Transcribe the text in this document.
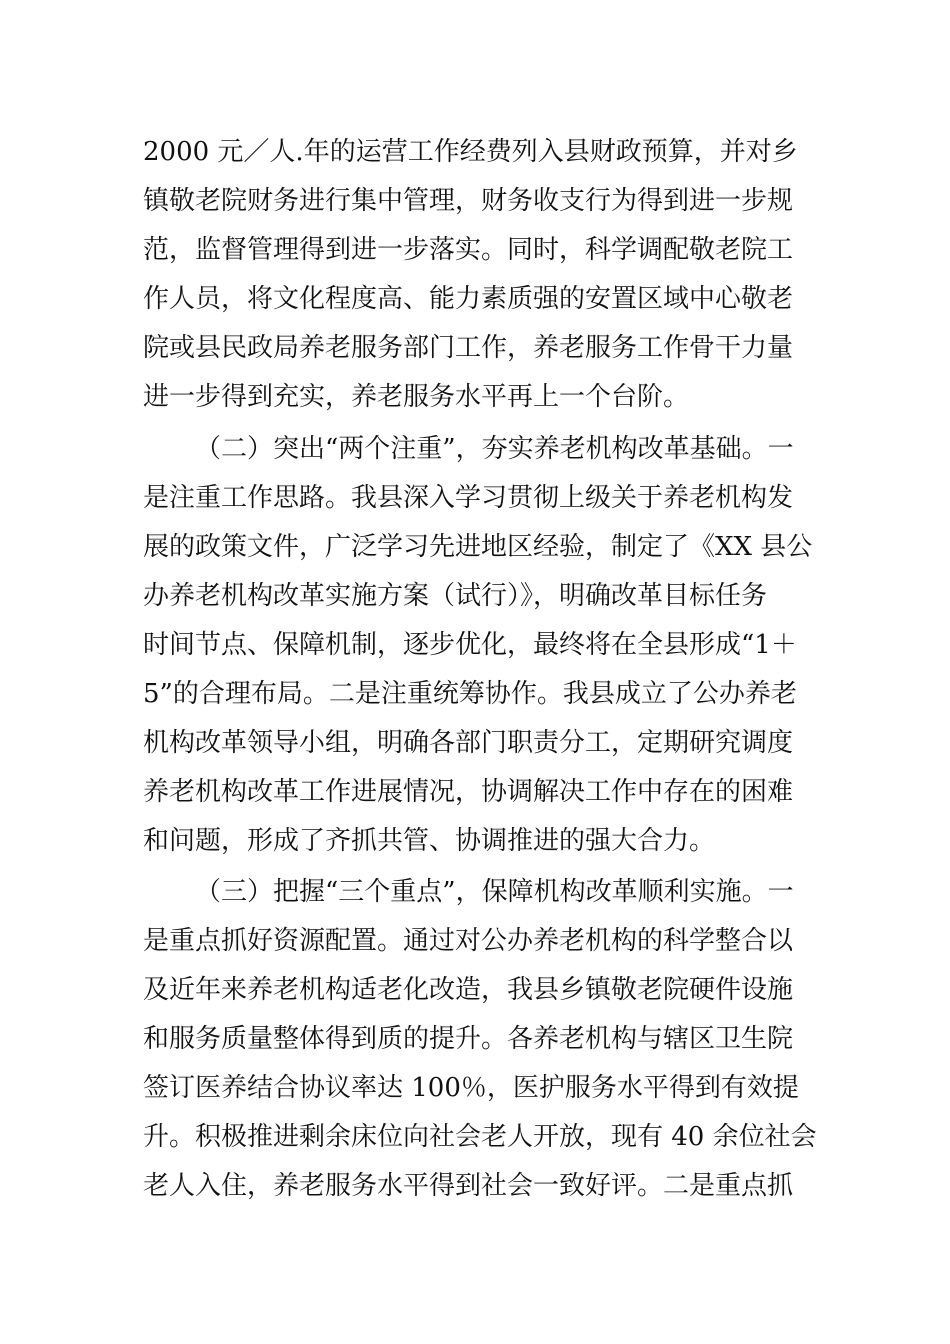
2000 元／人.年的运营工作经费列入县财政预算，并对乡
镇敬老院财务进行集中管理，财务收支行为得到进一步规
范，监督管理得到进一步落实。同时，科学调配敬老院工
作人员，将文化程度高、能力素质强的安置区域中心敬老
院或县民政局养老服务部门工作，养老服务工作骨干力量
进一步得到充实，养老服务水平再上一个台阶。
（二）突出“两个注重”，夯实养老机构改革基础。一
是注重工作思路。我县深入学习贯彻上级关于养老机构发
展的政策文件，广泛学习先进地区经验，制定了《XX 县公
办养老机构改革实施方案（试行）》，明确改革目标任务
时间节点、保障机制，逐步优化，最终将在全县形成“1＋
5”的合理布局。二是注重统筹协作。我县成立了公办养老
机构改革领导小组，明确各部门职责分工，定期研究调度
养老机构改革工作进展情况，协调解决工作中存在的困难
和问题，形成了齐抓共管、协调推进的强大合力。
（三）把握“三个重点”，保障机构改革顺利实施。一
是重点抓好资源配置。通过对公办养老机构的科学整合以
及近年来养老机构适老化改造，我县乡镇敬老院硬件设施
和服务质量整体得到质的提升。各养老机构与辖区卫生院
签订医养结合协议率达 100％，医护服务水平得到有效提
升。积极推进剩余床位向社会老人开放，现有 40 余位社会
老人入住，养老服务水平得到社会一致好评。二是重点抓
